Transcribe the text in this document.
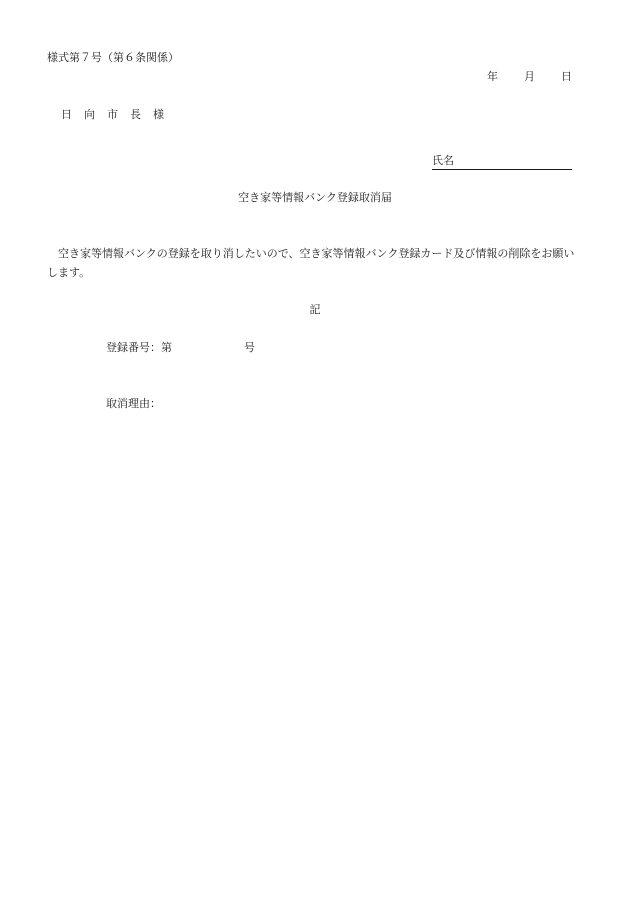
様式第７号（第６条関係）
年 月 日
日 向 市 長 様
氏名
空き家等情報バンク登録取消届
空き家等情報バンクの登録を取り消したいので、空き家等情報バンク登録カード及び情報の削除をお願いします。
記
登録番号：第	号
取消理由：
